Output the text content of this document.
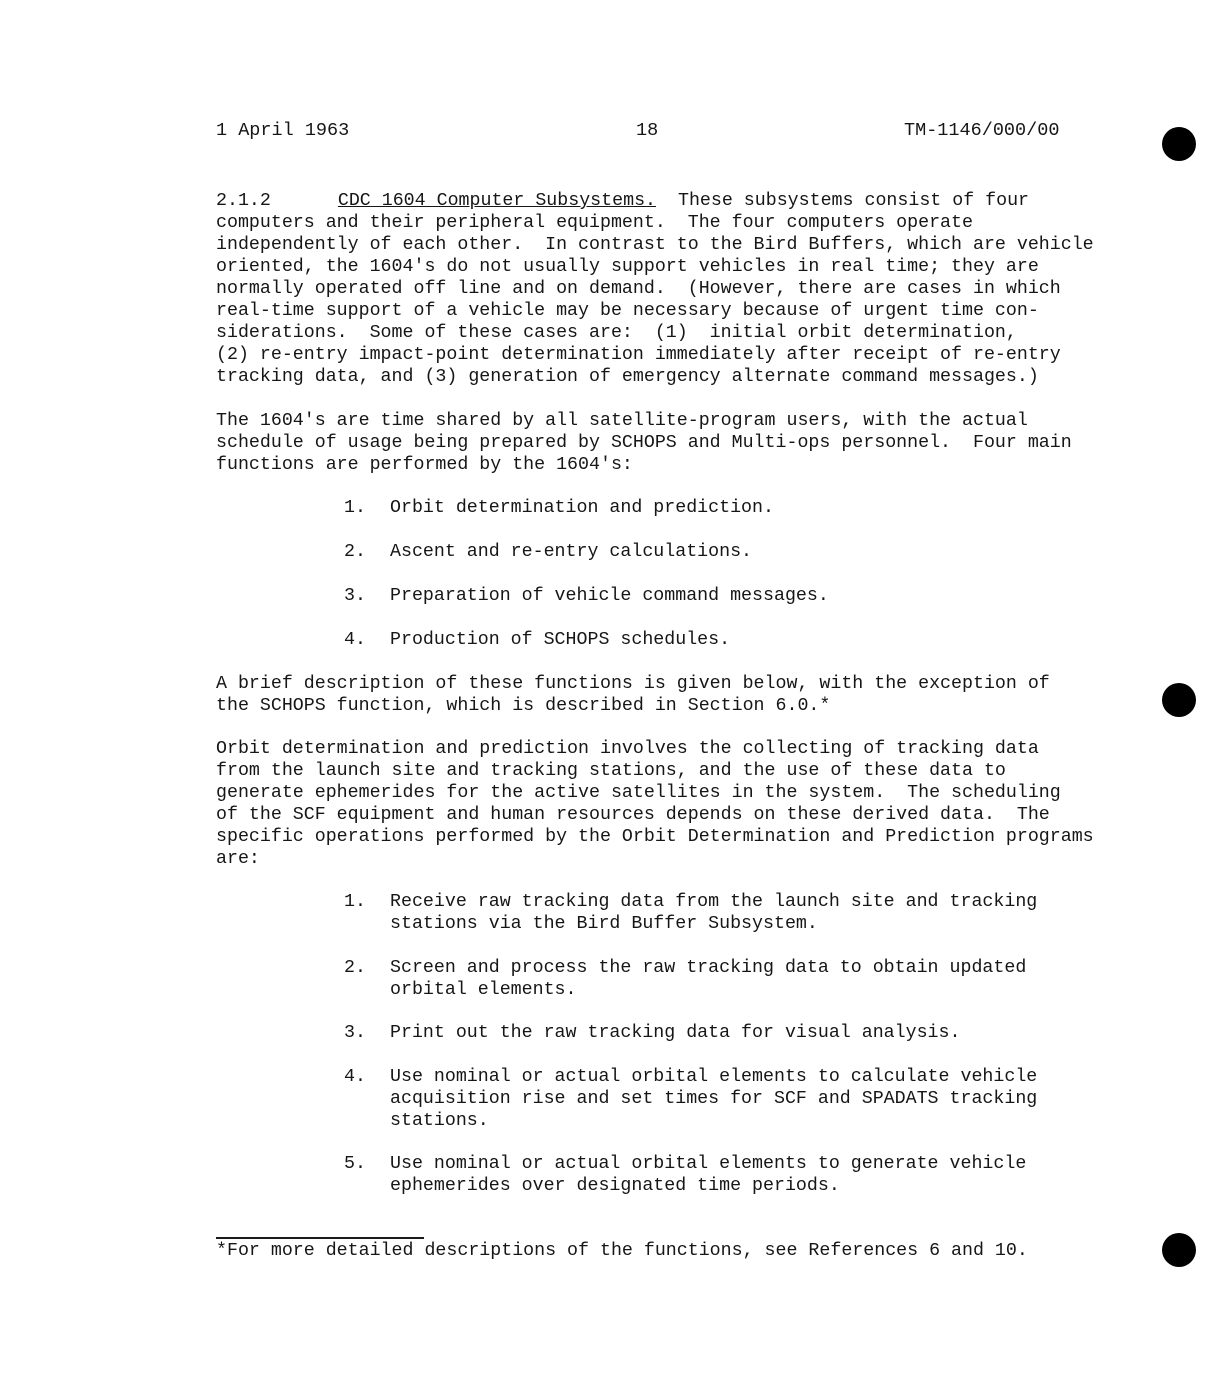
1 April 1963	18	TM-1146/000/00
2.1.2	CDC 1604 Computer Subsystems. These subsystems consist of four
computers and their peripheral equipment.  The four computers operate
independently of each other.  In contrast to the Bird Buffers, which are vehicle
oriented, the 1604's do not usually support vehicles in real time; they are
normally operated off line and on demand.  (However, there are cases in which
real-time support of a vehicle may be necessary because of urgent time con-
siderations.  Some of these cases are:  (1)  initial orbit determination,
(2) re-entry impact-point determination immediately after receipt of re-entry
tracking data, and (3) generation of emergency alternate command messages.)
The 1604's are time shared by all satellite-program users, with the actual
schedule of usage being prepared by SCHOPS and Multi-ops personnel.  Four main
functions are performed by the 1604's:
1. Orbit determination and prediction.
2. Ascent and re-entry calculations.
3. Preparation of vehicle command messages.
4. Production of SCHOPS schedules.
A brief description of these functions is given below, with the exception of
the SCHOPS function, which is described in Section 6.0.*
Orbit determination and prediction involves the collecting of tracking data
from the launch site and tracking stations, and the use of these data to
generate ephemerides for the active satellites in the system.  The scheduling
of the SCF equipment and human resources depends on these derived data.  The
specific operations performed by the Orbit Determination and Prediction programs
are:
1. Receive raw tracking data from the launch site and tracking
stations via the Bird Buffer Subsystem.
2. Screen and process the raw tracking data to obtain updated
orbital elements.
3. Print out the raw tracking data for visual analysis.
4. Use nominal or actual orbital elements to calculate vehicle
acquisition rise and set times for SCF and SPADATS tracking
stations.
5. Use nominal or actual orbital elements to generate vehicle
ephemerides over designated time periods.
*For more detailed descriptions of the functions, see References 6 and 10.
